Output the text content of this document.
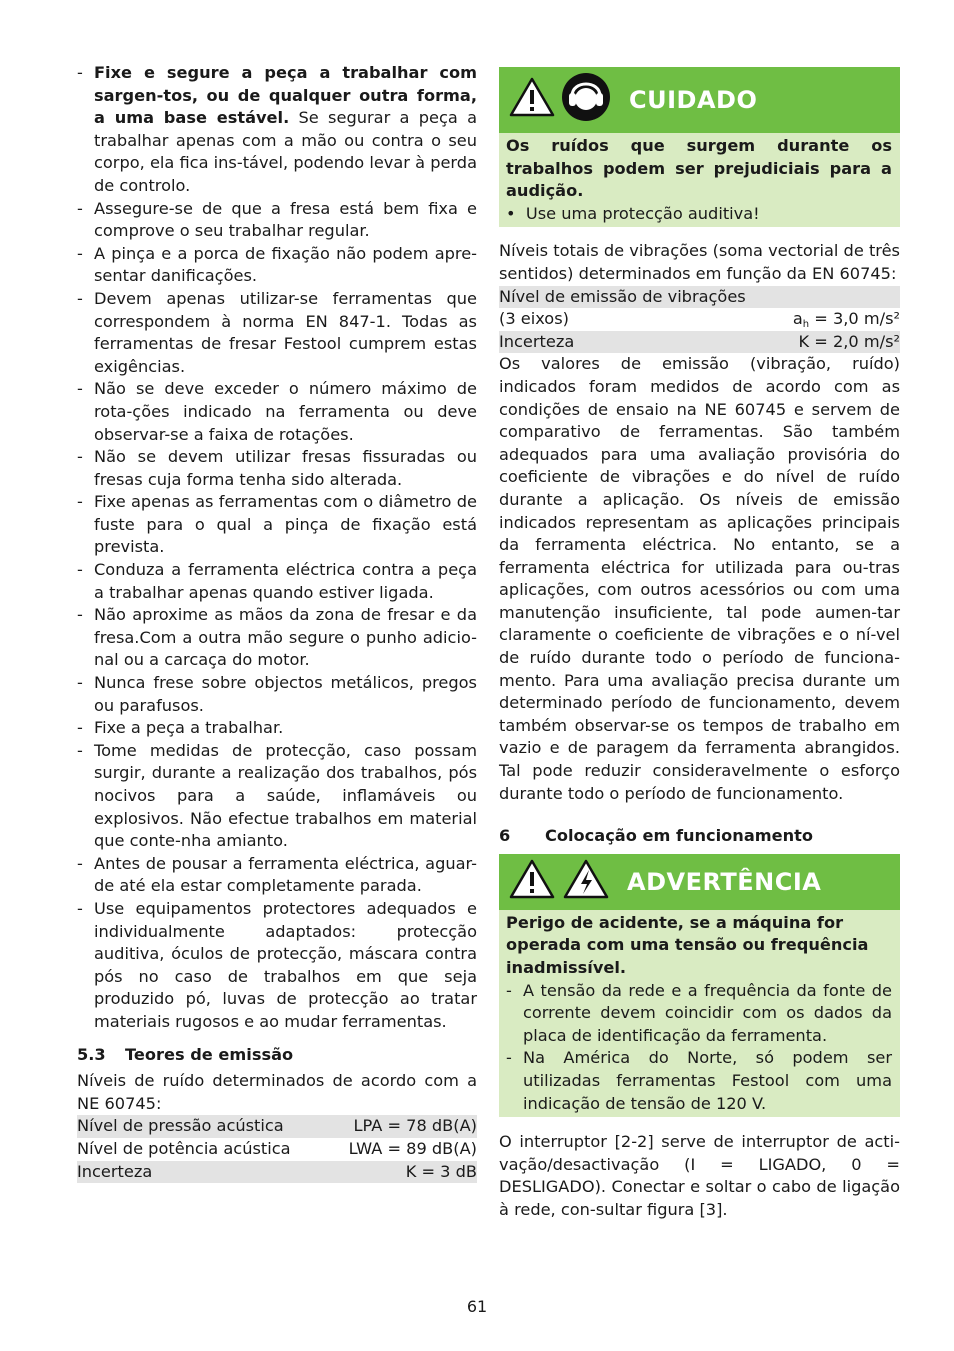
- Fixe e segure a peça a trabalhar com sargen-tos, ou de qualquer outra forma, a uma base estável. Se segurar a peça a trabalhar apenas com a mão ou contra o seu corpo, ela fica ins-tável, podendo levar à perda de controlo.
- Assegure-se de que a fresa está bem fixa e comprove o seu trabalhar regular.
- A pinça e a porca de fixação não podem apre-sentar danificações.
- Devem apenas utilizar-se ferramentas que correspondem à norma EN 847-1. Todas as ferramentas de fresar Festool cumprem estas exigências.
- Não se deve exceder o número máximo de rota-ções indicado na ferramenta ou deve observar-se a faixa de rotações.
- Não se devem utilizar fresas fissuradas ou fresas cuja forma tenha sido alterada.
- Fixe apenas as ferramentas com o diâmetro de fuste para o qual a pinça de fixação está prevista.
- Conduza a ferramenta eléctrica contra a peça a trabalhar apenas quando estiver ligada.
- Não aproxime as mãos da zona de fresar e da fresa.Com a outra mão segure o punho adicio-nal ou a carcaça do motor.
- Nunca frese sobre objectos metálicos, pregos ou parafusos.
- Fixe a peça a trabalhar.
- Tome medidas de protecção, caso possam surgir, durante a realização dos trabalhos, pós nocivos para a saúde, inflamáveis ou explosivos. Não efectue trabalhos em material que conte-nha amianto.
- Antes de pousar a ferramenta eléctrica, aguar-de até ela estar completamente parada.
- Use equipamentos protectores adequados e individualmente adaptados: protecção auditiva, óculos de protecção, máscara contra pós no caso de trabalhos em que seja produzido pó, luvas de protecção ao tratar materiais rugosos e ao mudar ferramentas.
5.3	Teores de emissão
Níveis de ruído determinados de acordo com a NE 60745:
Nível de pressão acústica	LPA = 78 dB(A)
Nível de potência acústica	LWA = 89 dB(A)
Incerteza	K = 3 dB
CUIDADO
Os ruídos que surgem durante os trabalhos podem ser prejudiciais para a audição.
•  Use uma protecção auditiva!
Níveis totais de vibrações (soma vectorial de três sentidos) determinados em função da EN 60745:
Nível de emissão de vibrações
(3 eixos)	$a_h = 3,0$ m/s²
Incerteza	K = 2,0 m/s²
Os valores de emissão (vibração, ruído) indicados foram medidos de acordo com as condições de ensaio na NE 60745 e servem de comparativo de ferramentas. São também adequados para uma avaliação provisória do coeficiente de vibrações e do nível de ruído durante a aplicação. Os níveis de emissão indicados representam as aplicações principais da ferramenta eléctrica. No entanto, se a ferramenta eléctrica for utilizada para ou-tras aplicações, com outros acessórios ou com uma manutenção insuficiente, tal pode aumen-tar claramente o coeficiente de vibrações e o ní-vel de ruído durante todo o período de funciona-mento. Para uma avaliação precisa durante um determinado período de funcionamento, devem também observar-se os tempos de trabalho em vazio e de paragem da ferramenta abrangidos. Tal pode reduzir consideravelmente o esforço durante todo o período de funcionamento.
6	Colocação em funcionamento
ADVERTÊNCIA
Perigo de acidente, se a máquina for operada com uma tensão ou frequência inadmissível.
- A tensão da rede e a frequência da fonte de corrente devem coincidir com os dados da placa de identificação da ferramenta.
- Na América do Norte, só podem ser utilizadas ferramentas Festool com uma indicação de tensão de 120 V.
O interruptor [2-2] serve de interruptor de acti-vação/desactivação (I = LIGADO, 0 = DESLIGADO). Conectar e soltar o cabo de ligação à rede, con-sultar figura [3].
61
